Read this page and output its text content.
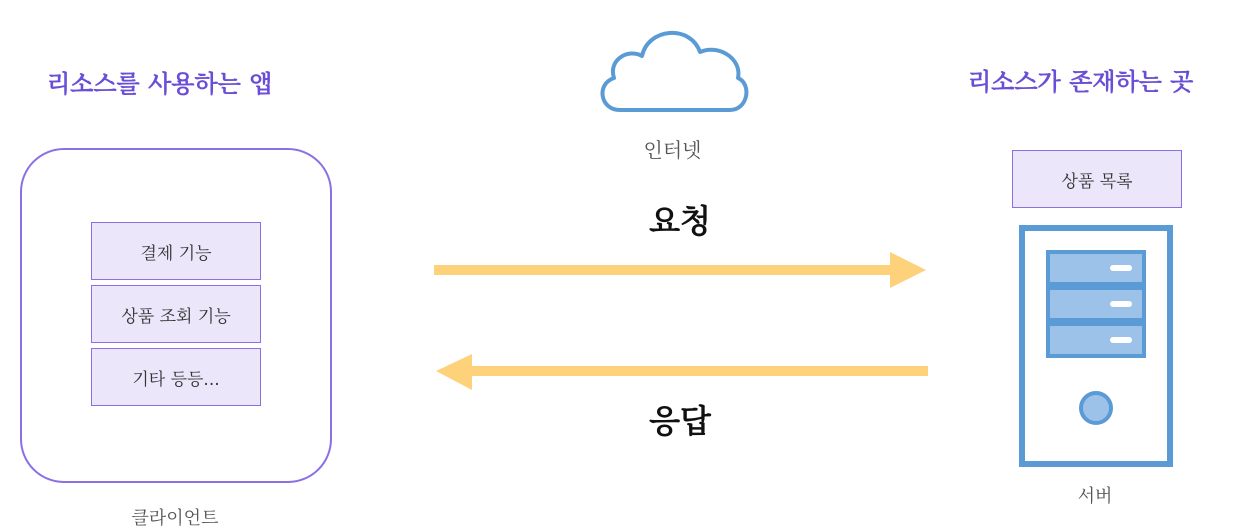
리소스를 사용하는 앱
결제 기능
상품 조회 기능
기타 등등...
클라이언트
인터넷
요청
응답
리소스가 존재하는 곳
상품 목록
서버
